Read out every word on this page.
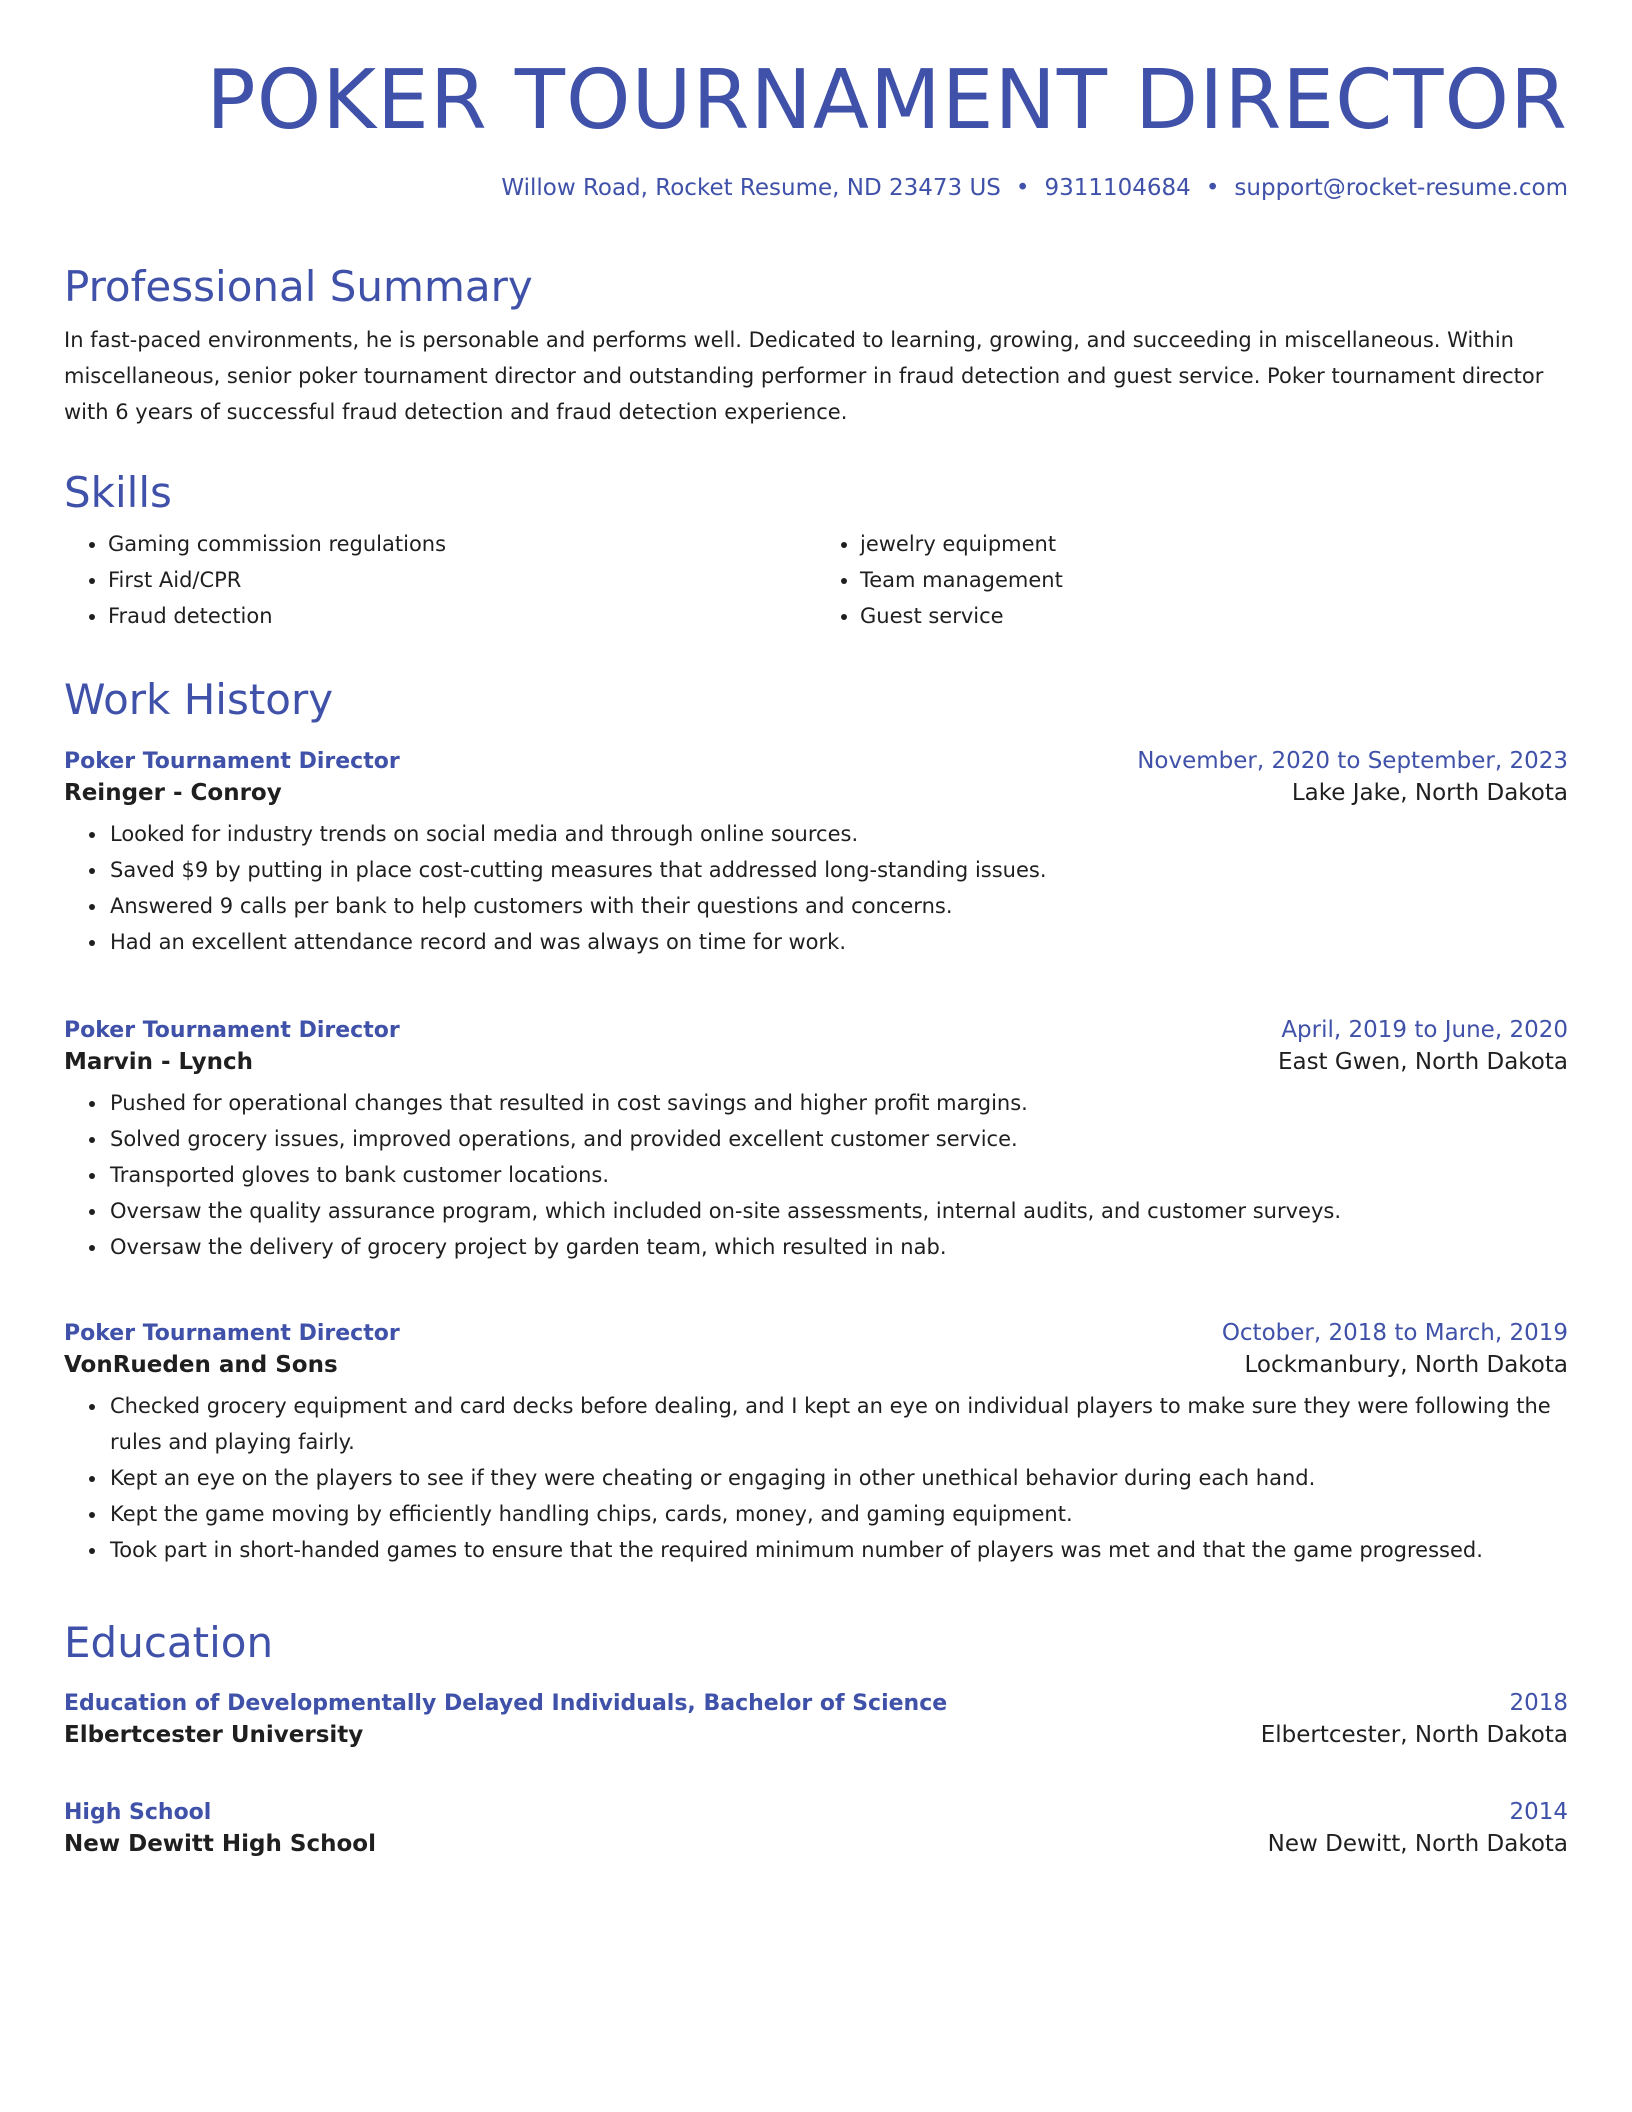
POKER TOURNAMENT DIRECTOR
Willow Road, Rocket Resume, ND 23473 US • 9311104684 • support@rocket-resume.com
Professional Summary
In fast-paced environments, he is personable and performs well. Dedicated to learning, growing, and succeeding in miscellaneous. Within miscellaneous, senior poker tournament director and outstanding performer in fraud detection and guest service. Poker tournament director with 6 years of successful fraud detection and fraud detection experience.
Skills
• Gaming commission regulations
• First Aid/CPR
• Fraud detection
• jewelry equipment
• Team management
• Guest service
Work History
Poker Tournament Director	November, 2020 to September, 2023
Reinger - Conroy	Lake Jake, North Dakota
• Looked for industry trends on social media and through online sources.
• Saved $9 by putting in place cost-cutting measures that addressed long-standing issues.
• Answered 9 calls per bank to help customers with their questions and concerns.
• Had an excellent attendance record and was always on time for work.
Poker Tournament Director	April, 2019 to June, 2020
Marvin - Lynch	East Gwen, North Dakota
• Pushed for operational changes that resulted in cost savings and higher profit margins.
• Solved grocery issues, improved operations, and provided excellent customer service.
• Transported gloves to bank customer locations.
• Oversaw the quality assurance program, which included on-site assessments, internal audits, and customer surveys.
• Oversaw the delivery of grocery project by garden team, which resulted in nab.
Poker Tournament Director	October, 2018 to March, 2019
VonRueden and Sons	Lockmanbury, North Dakota
• Checked grocery equipment and card decks before dealing, and I kept an eye on individual players to make sure they were following the rules and playing fairly.
• Kept an eye on the players to see if they were cheating or engaging in other unethical behavior during each hand.
• Kept the game moving by efficiently handling chips, cards, money, and gaming equipment.
• Took part in short-handed games to ensure that the required minimum number of players was met and that the game progressed.
Education
Education of Developmentally Delayed Individuals, Bachelor of Science	2018
Elbertcester University	Elbertcester, North Dakota
High School	2014
New Dewitt High School	New Dewitt, North Dakota
